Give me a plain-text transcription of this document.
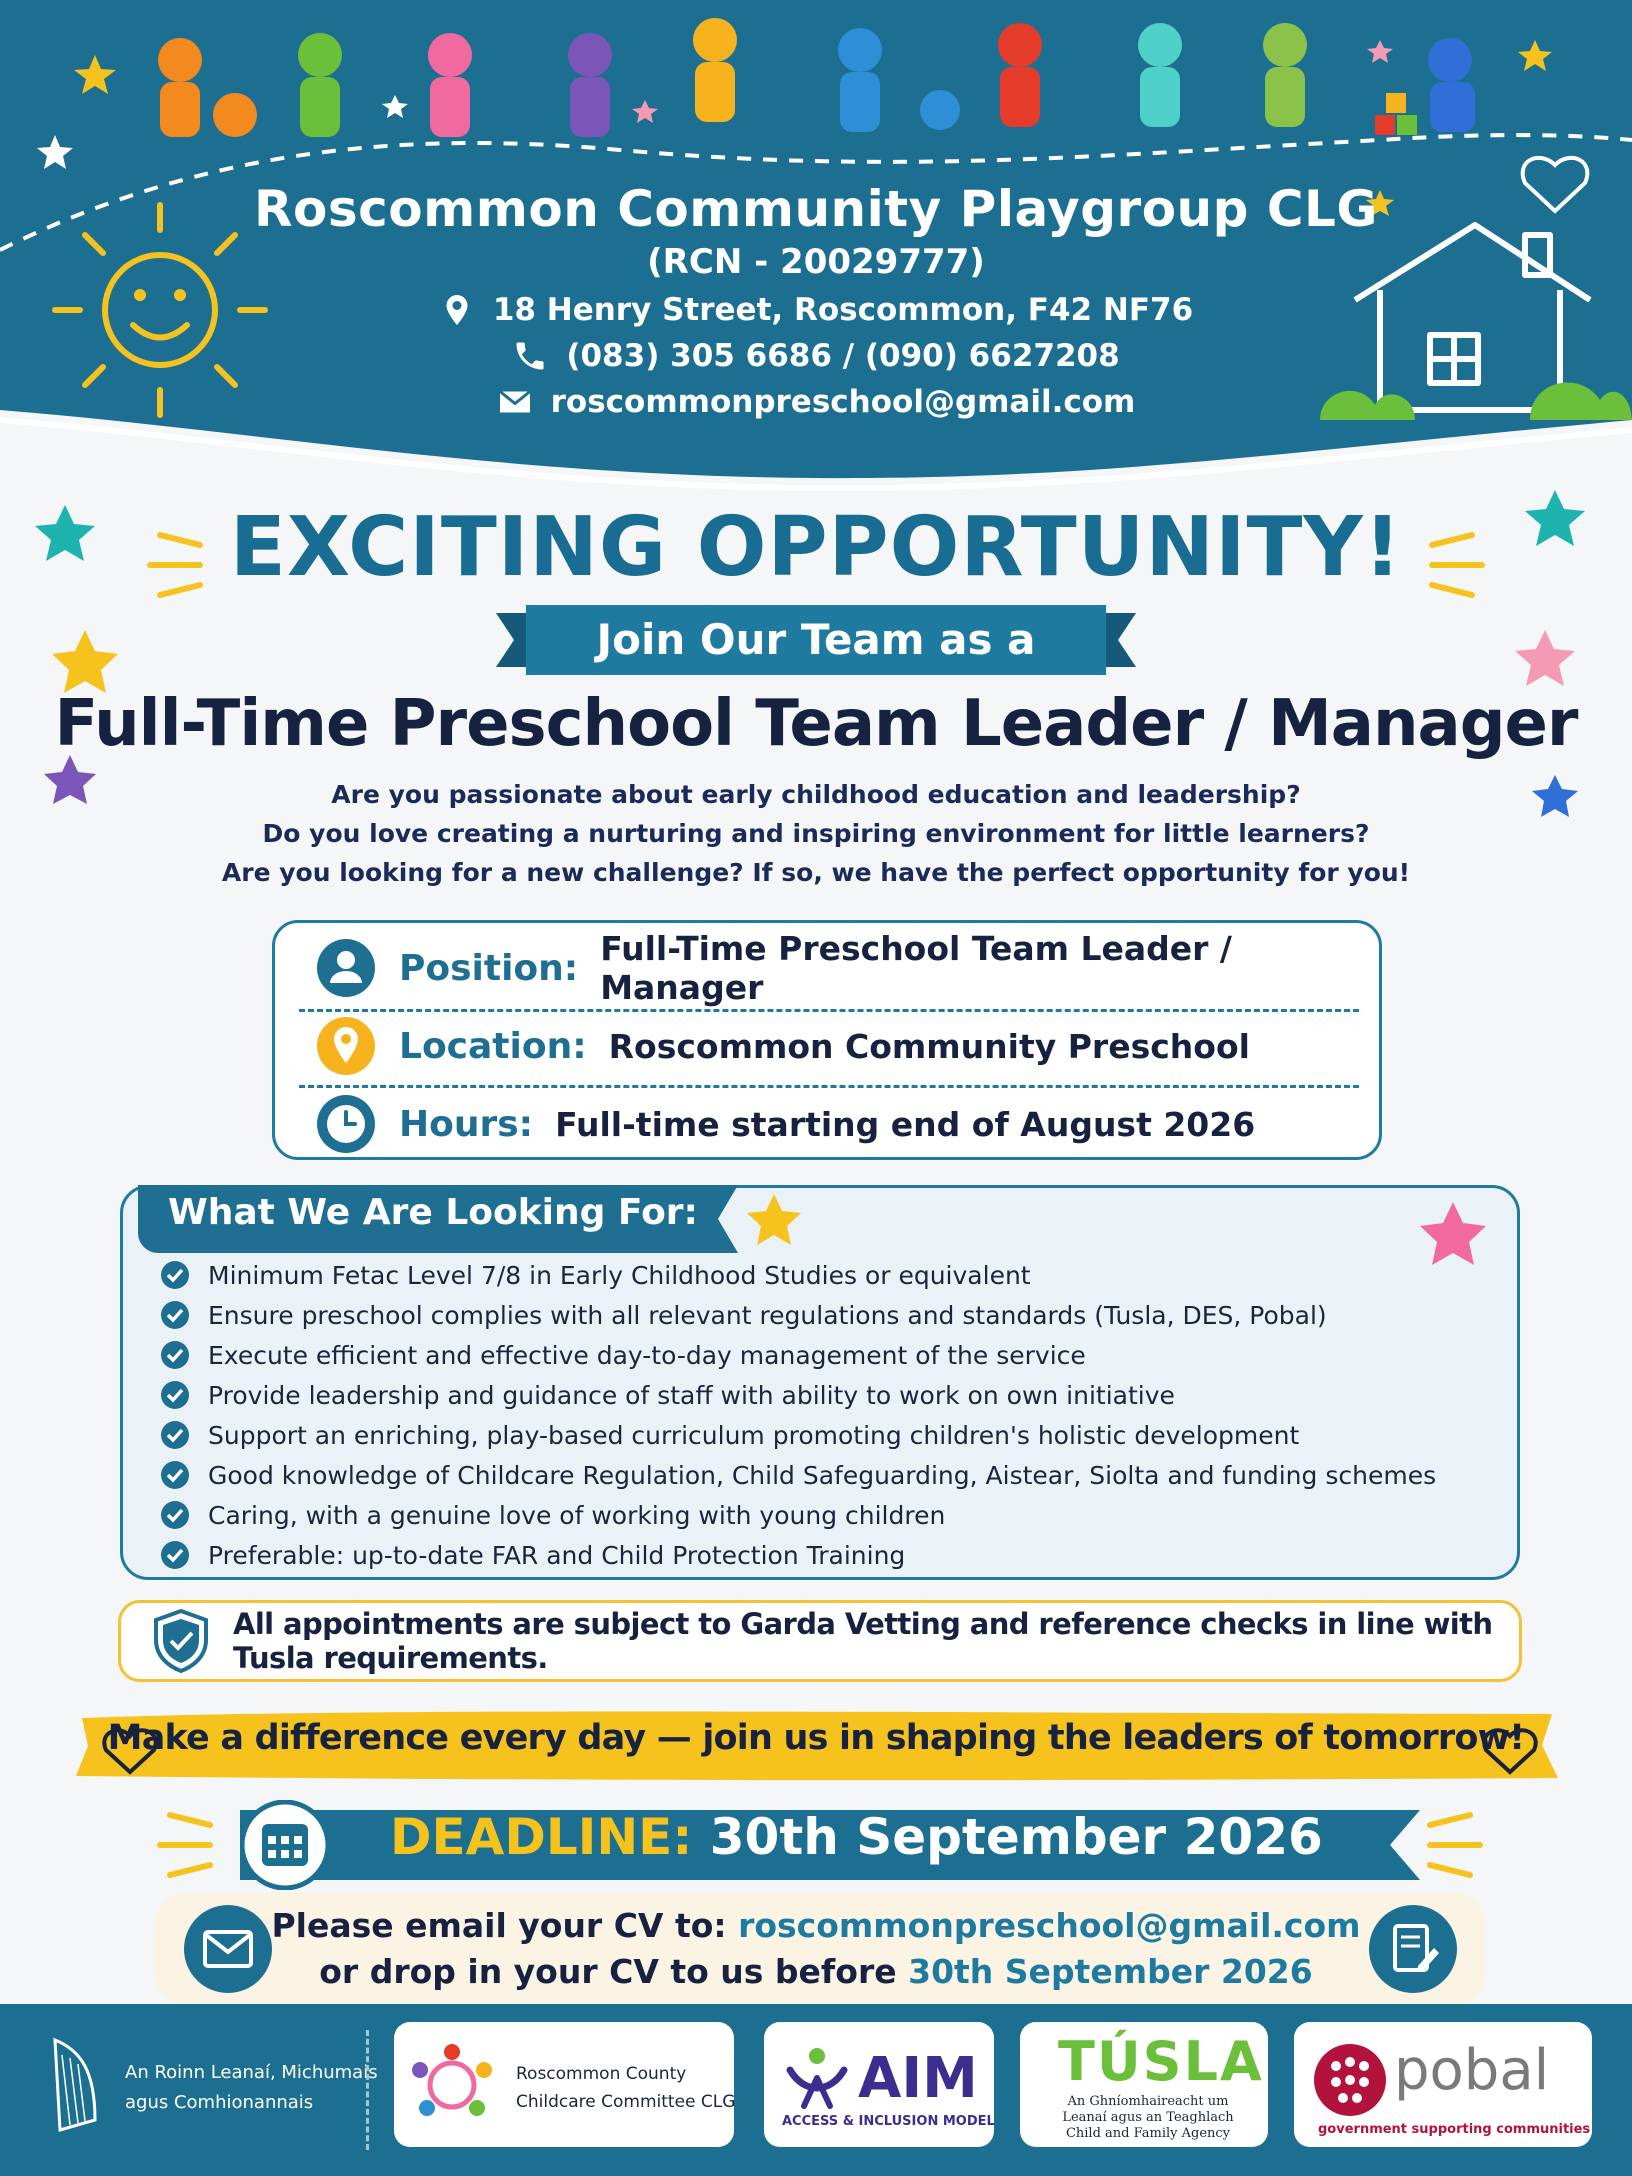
Roscommon Community Playgroup CLG
(RCN - 20029777)
18 Henry Street, Roscommon, F42 NF76
(083) 305 6686 / (090) 6627208
roscommonpreschool@gmail.com
EXCITING OPPORTUNITY!
Join Our Team as a
Full-Time Preschool Team Leader / Manager
Are you passionate about early childhood education and leadership?
Do you love creating a nurturing and inspiring environment for little learners?
Are you looking for a new challenge? If so, we have the perfect opportunity for you!
Position: Full-Time Preschool Team Leader / Manager
Location: Roscommon Community Preschool
Hours: Full-time starting end of August 2026
What We Are Looking For:
Minimum Fetac Level 7/8 in Early Childhood Studies or equivalent
Ensure preschool complies with all relevant regulations and standards (Tusla, DES, Pobal)
Execute efficient and effective day-to-day management of the service
Provide leadership and guidance of staff with ability to work on own initiative
Support an enriching, play-based curriculum promoting children's holistic development
Good knowledge of Childcare Regulation, Child Safeguarding, Aistear, Siolta and funding schemes
Caring, with a genuine love of working with young children
Preferable: up-to-date FAR and Child Protection Training
All appointments are subject to Garda Vetting and reference checks in line with Tusla requirements.
Make a difference every day — join us in shaping the leaders of tomorrow!
DEADLINE: 30th September 2026
Please email your CV to: roscommonpreschool@gmail.com
or drop in your CV to us before 30th September 2026
An Roinn Leanaí, Michumais
agus Comhionannais
Roscommon County
Childcare Committee CLG AIM
ACCESS & INCLUSION MODEL
TÚSLA
An Ghníomhaireacht um Leanaí agus an Teaghlach Child and Family Agency
pobal
government supporting communities
